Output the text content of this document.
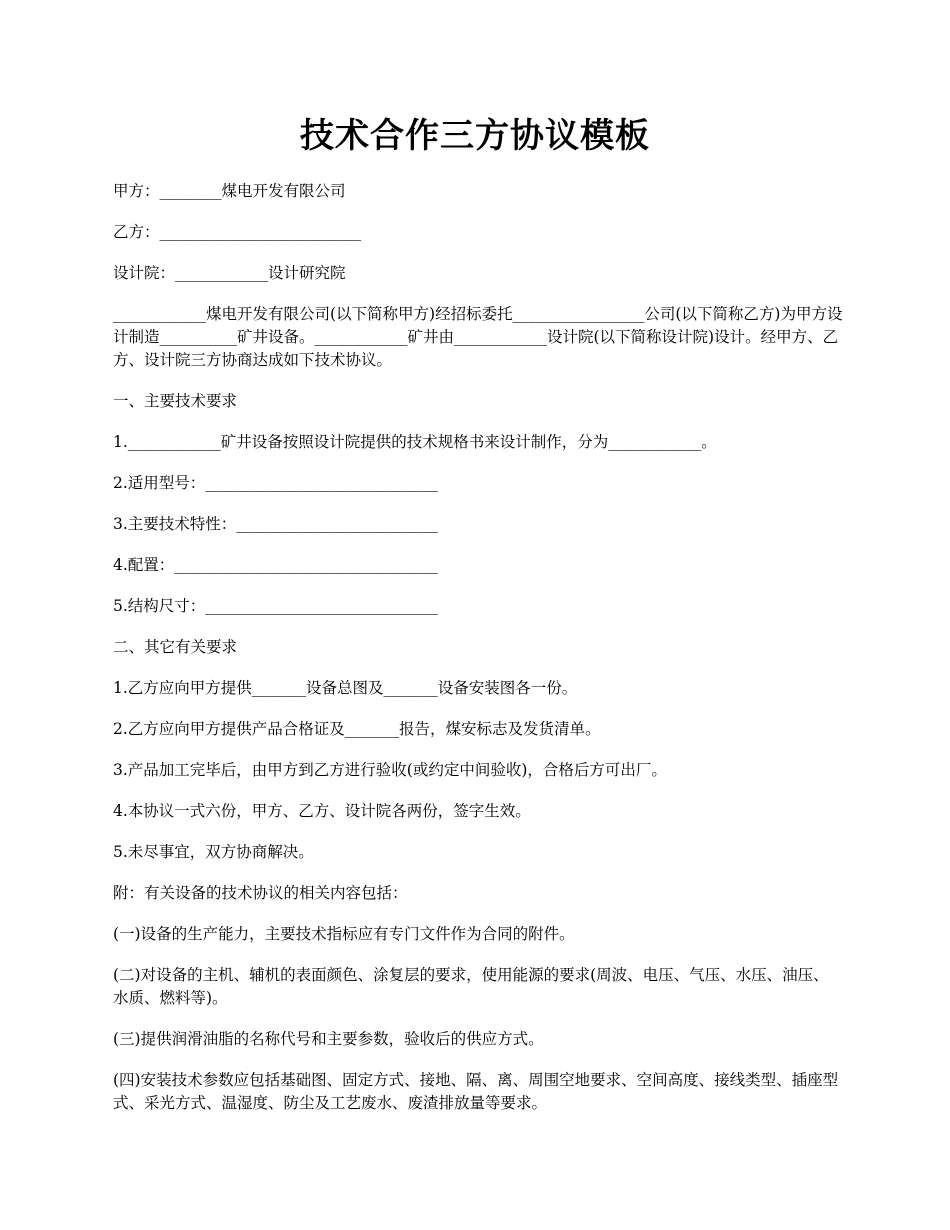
技术合作三方协议模板

甲方：________煤电开发有限公司

乙方：__________________________

设计院：____________设计研究院

____________煤电开发有限公司(以下简称甲方)经招标委托_________________公司(以下简称乙方)为甲方设计制造__________矿井设备。____________矿井由____________设计院(以下简称设计院)设计。经甲方、乙方、设计院三方协商达成如下技术协议。

一、主要技术要求

1.____________矿井设备按照设计院提供的技术规格书来设计制作，分为____________。

2.适用型号：______________________________

3.主要技术特性：__________________________

4.配置：__________________________________

5.结构尺寸：______________________________

二、其它有关要求

1.乙方应向甲方提供_______设备总图及_______设备安装图各一份。

2.乙方应向甲方提供产品合格证及_______报告，煤安标志及发货清单。

3.产品加工完毕后，由甲方到乙方进行验收(或约定中间验收)，合格后方可出厂。

4.本协议一式六份，甲方、乙方、设计院各两份，签字生效。

5.未尽事宜，双方协商解决。

附：有关设备的技术协议的相关内容包括：

(一)设备的生产能力，主要技术指标应有专门文件作为合同的附件。

(二)对设备的主机、辅机的表面颜色、涂复层的要求，使用能源的要求(周波、电压、气压、水压、油压、水质、燃料等)。

(三)提供润滑油脂的名称代号和主要参数，验收后的供应方式。

(四)安装技术参数应包括基础图、固定方式、接地、隔、离、周围空地要求、空间高度、接线类型、插座型式、采光方式、温湿度、防尘及工艺废水、废渣排放量等要求。
